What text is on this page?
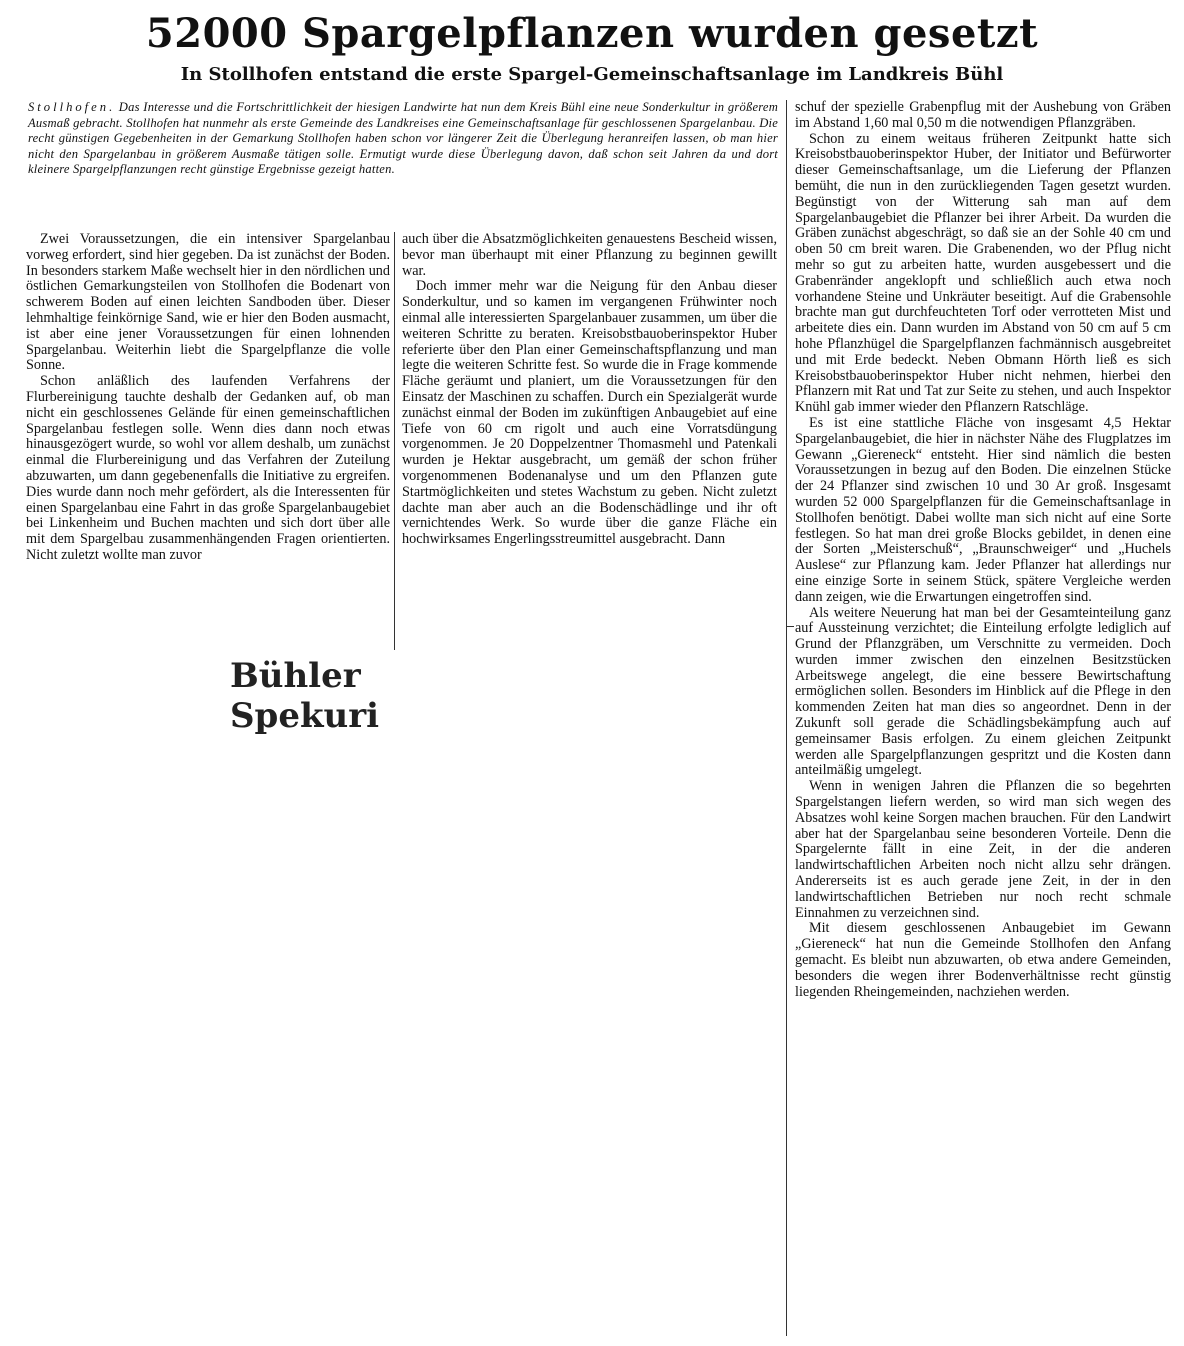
52000 Spargelpflanzen wurden gesetzt
In Stollhofen entstand die erste Spargel-Gemeinschaftsanlage im Landkreis Bühl
Stollhofen. Das Interesse und die Fortschrittlichkeit der hiesigen Landwirte hat nun dem Kreis Bühl eine neue Sonderkultur in größerem Ausmaß gebracht. Stollhofen hat nunmehr als erste Gemeinde des Landkreises eine Gemeinschaftsanlage für geschlossenen Spargelanbau. Die recht günstigen Gegebenheiten in der Gemarkung Stollhofen haben schon vor längerer Zeit die Überlegung heranreifen lassen, ob man hier nicht den Spargelanbau in größerem Ausmaße tätigen solle. Ermutigt wurde diese Überlegung davon, daß schon seit Jahren da und dort kleinere Spargelpflanzungen recht günstige Ergebnisse gezeigt hatten.

Zwei Voraussetzungen, die ein intensiver Spargelanbau vorweg erfordert, sind hier gegeben. Da ist zunächst der Boden. In besonders starkem Maße wechselt hier in den nördlichen und östlichen Gemarkungsteilen von Stollhofen die Bodenart von schwerem Boden auf einen leichten Sandboden über. Dieser lehmhaltige feinkörnige Sand, wie er hier den Boden ausmacht, ist aber eine jener Voraussetzungen für einen lohnenden Spargelanbau. Weiterhin liebt die Spargelpflanze die volle Sonne.

Schon anläßlich des laufenden Verfahrens der Flurbereinigung tauchte deshalb der Gedanken auf, ob man nicht ein geschlossenes Gelände für einen gemeinschaftlichen Spargelanbau festlegen solle. Wenn dies dann noch etwas hinausgezögert wurde, so wohl vor allem deshalb, um zunächst einmal die Flurbereinigung und das Verfahren der Zuteilung abzuwarten, um dann gegebenenfalls die Initiative zu ergreifen. Dies wurde dann noch mehr gefördert, als die Interessenten für einen Spargelanbau eine Fahrt in das große Spargelanbaugebiet bei Linkenheim und Buchen machten und sich dort über alle mit dem Spargelbau zusammenhängenden Fragen orientierten. Nicht zuletzt wollte man zuvor

auch über die Absatzmöglichkeiten genauestens Bescheid wissen, bevor man überhaupt mit einer Pflanzung zu beginnen gewillt war.

Doch immer mehr war die Neigung für den Anbau dieser Sonderkultur, und so kamen im vergangenen Frühwinter noch einmal alle interessierten Spargelanbauer zusammen, um über die weiteren Schritte zu beraten. Kreisobstbauoberinspektor Huber referierte über den Plan einer Gemeinschaftspflanzung und man legte die weiteren Schritte fest. So wurde die in Frage kommende Fläche geräumt und planiert, um die Voraussetzungen für den Einsatz der Maschinen zu schaffen. Durch ein Spezialgerät wurde zunächst einmal der Boden im zukünftigen Anbaugebiet auf eine Tiefe von 60 cm rigolt und auch eine Vorratsdüngung vorgenommen. Je 20 Doppelzentner Thomasmehl und Patenkali wurden je Hektar ausgebracht, um gemäß der schon früher vorgenommenen Bodenanalyse und um den Pflanzen gute Startmöglichkeiten und stetes Wachstum zu geben. Nicht zuletzt dachte man aber auch an die Bodenschädlinge und ihr oft vernichtendes Werk. So wurde über die ganze Fläche ein hochwirksames Engerlingsstreumittel ausgebracht. Dann

schuf der spezielle Grabenpflug mit der Aushebung von Gräben im Abstand 1,60 mal 0,50 m die notwendigen Pflanzgräben.

Schon zu einem weitaus früheren Zeitpunkt hatte sich Kreisobstbauoberinspektor Huber, der Initiator und Befürworter dieser Gemeinschaftsanlage, um die Lieferung der Pflanzen bemüht, die nun in den zurückliegenden Tagen gesetzt wurden. Begünstigt von der Witterung sah man auf dem Spargelanbaugebiet die Pflanzer bei ihrer Arbeit. Da wurden die Gräben zunächst abgeschrägt, so daß sie an der Sohle 40 cm und oben 50 cm breit waren. Die Grabenenden, wo der Pflug nicht mehr so gut zu arbeiten hatte, wurden ausgebessert und die Grabenränder angeklopft und schließlich auch etwa noch vorhandene Steine und Unkräuter beseitigt. Auf die Grabensohle brachte man gut durchfeuchteten Torf oder verrotteten Mist und arbeitete dies ein. Dann wurden im Abstand von 50 cm auf 5 cm hohe Pflanzhügel die Spargelpflanzen fachmännisch ausgebreitet und mit Erde bedeckt. Neben Obmann Hörth ließ es sich Kreisobstbauoberinspektor Huber nicht nehmen, hierbei den Pflanzern mit Rat und Tat zur Seite zu stehen, und auch Inspektor Knühl gab immer wieder den Pflanzern Ratschläge.

Es ist eine stattliche Fläche von insgesamt 4,5 Hektar Spargelanbaugebiet, die hier in nächster Nähe des Flugplatzes im Gewann „Giereneck“ entsteht. Hier sind nämlich die besten Voraussetzungen in bezug auf den Boden. Die einzelnen Stücke der 24 Pflanzer sind zwischen 10 und 30 Ar groß. Insgesamt wurden 52 000 Spargelpflanzen für die Gemeinschaftsanlage in Stollhofen benötigt. Dabei wollte man sich nicht auf eine Sorte festlegen. So hat man drei große Blocks gebildet, in denen eine der Sorten „Meisterschuß“, „Braunschweiger“ und „Huchels Auslese“ zur Pflanzung kam. Jeder Pflanzer hat allerdings nur eine einzige Sorte in seinem Stück, spätere Vergleiche werden dann zeigen, wie die Erwartungen eingetroffen sind.

Als weitere Neuerung hat man bei der Gesamteinteilung ganz auf Aussteinung verzichtet; die Einteilung erfolgte lediglich auf Grund der Pflanzgräben, um Verschnitte zu vermeiden. Doch wurden immer zwischen den einzelnen Besitzstücken Arbeitswege angelegt, die eine bessere Bewirtschaftung ermöglichen sollen. Besonders im Hinblick auf die Pflege in den kommenden Zeiten hat man dies so angeordnet. Denn in der Zukunft soll gerade die Schädlingsbekämpfung auch auf gemeinsamer Basis erfolgen. Zu einem gleichen Zeitpunkt werden alle Spargelpflanzungen gespritzt und die Kosten dann anteilmäßig umgelegt.

Wenn in wenigen Jahren die Pflanzen die so begehrten Spargelstangen liefern werden, so wird man sich wegen des Absatzes wohl keine Sorgen machen brauchen. Für den Landwirt aber hat der Spargelanbau seine besonderen Vorteile. Denn die Spargelernte fällt in eine Zeit, in der die anderen landwirtschaftlichen Arbeiten noch nicht allzu sehr drängen. Andererseits ist es auch gerade jene Zeit, in der in den landwirtschaftlichen Betrieben nur noch recht schmale Einnahmen zu verzeichnen sind.

Mit diesem geschlossenen Anbaugebiet im Gewann „Giereneck“ hat nun die Gemeinde Stollhofen den Anfang gemacht. Es bleibt nun abzuwarten, ob etwa andere Gemeinden, besonders die wegen ihrer Bodenverhältnisse recht günstig liegenden Rheingemeinden, nachziehen werden.

Bühler Spekuri
